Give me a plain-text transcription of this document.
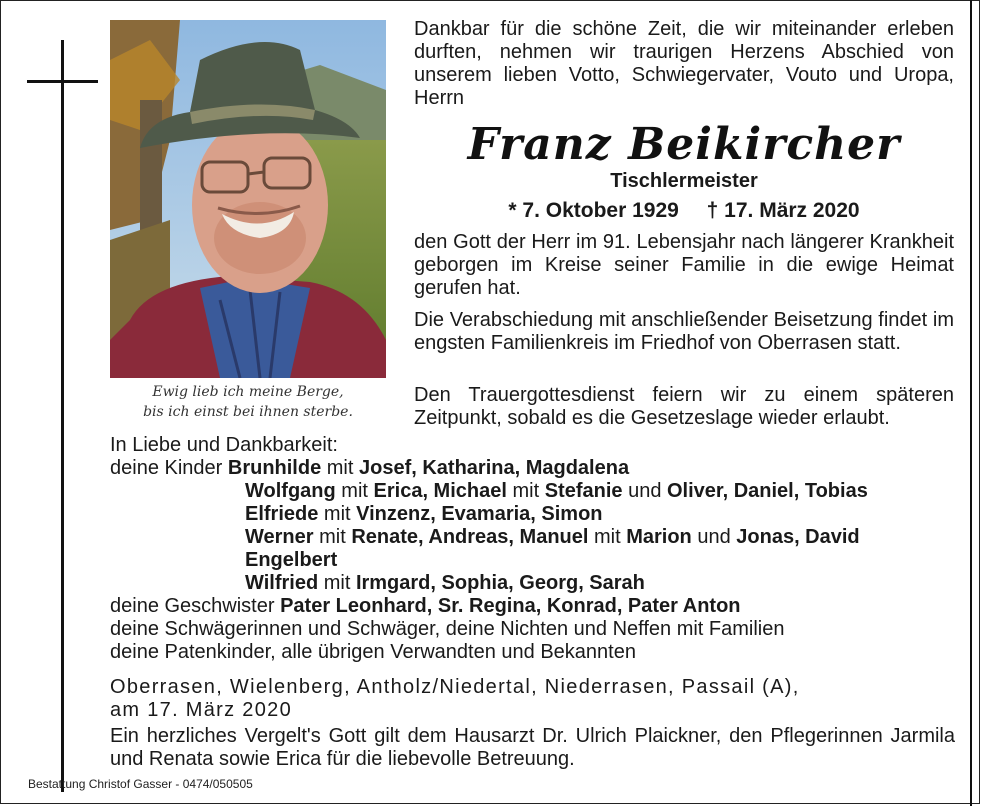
Ewig lieb ich meine Berge,
bis ich einst bei ihnen sterbe.
Dankbar für die schöne Zeit, die wir miteinander erleben durften, nehmen wir traurigen Herzens Abschied von unserem lieben Votto, Schwiegervater, Vouto und Uropa, Herrn
Franz Beikircher
Tischlermeister
* 7. Oktober 1929 † 17. März 2020
den Gott der Herr im 91. Lebensjahr nach längerer Krankheit geborgen im Kreise seiner Familie in die ewige Heimat gerufen hat.
Die Verabschiedung mit anschließender Beisetzung findet im engsten Familienkreis im Friedhof von Oberrasen statt.
Den Trauergottesdienst feiern wir zu einem späteren Zeitpunkt, sobald es die Gesetzeslage wieder erlaubt.
In Liebe und Dankbarkeit:
deine Kinder Brunhilde mit Josef, Katharina, Magdalena
Wolfgang mit Erica, Michael mit Stefanie und Oliver, Daniel, Tobias
Elfriede mit Vinzenz, Evamaria, Simon
Werner mit Renate, Andreas, Manuel mit Marion und Jonas, David
Engelbert
Wilfried mit Irmgard, Sophia, Georg, Sarah
deine Geschwister Pater Leonhard, Sr. Regina, Konrad, Pater Anton
deine Schwägerinnen und Schwäger, deine Nichten und Neffen mit Familien
deine Patenkinder, alle übrigen Verwandten und Bekannten
Oberrasen, Wielenberg, Antholz/Niedertal, Niederrasen, Passail (A),
am 17. März 2020
Ein herzliches Vergelt's Gott gilt dem Hausarzt Dr. Ulrich Plaickner, den Pflegerinnen Jarmila und Renata sowie Erica für die liebevolle Betreuung.
Bestattung Christof Gasser - 0474/050505
